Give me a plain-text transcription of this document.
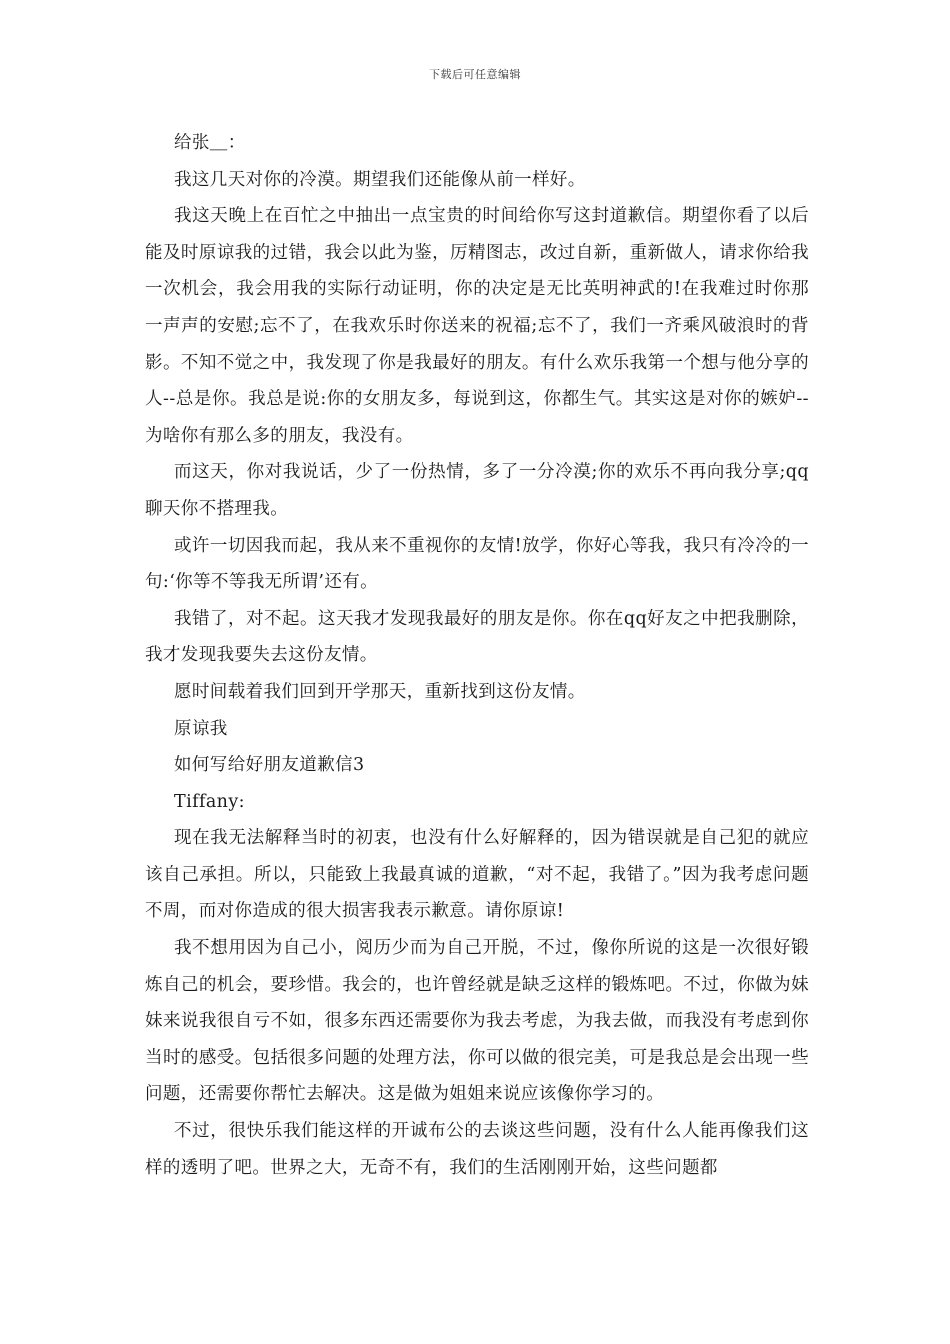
下载后可任意编辑

给张＿：

我这几天对你的冷漠。期望我们还能像从前一样好。

我这天晚上在百忙之中抽出一点宝贵的时间给你写这封道歉信。期望你看了以后能及时原谅我的过错，我会以此为鉴，厉精图志，改过自新，重新做人，请求你给我一次机会，我会用我的实际行动证明，你的决定是无比英明神武的!在我难过时你那一声声的安慰;忘不了，在我欢乐时你送来的祝福;忘不了，我们一齐乘风破浪时的背影。不知不觉之中，我发现了你是我最好的朋友。有什么欢乐我第一个想与他分享的人--总是你。我总是说:你的女朋友多，每说到这，你都生气。其实这是对你的嫉妒--为啥你有那么多的朋友，我没有。

而这天，你对我说话，少了一份热情，多了一分冷漠;你的欢乐不再向我分享;qq聊天你不搭理我。

或许一切因我而起，我从来不重视你的友情!放学，你好心等我，我只有冷冷的一句:‘你等不等我无所谓’还有。

我错了，对不起。这天我才发现我最好的朋友是你。你在qq好友之中把我删除，我才发现我要失去这份友情。

愿时间载着我们回到开学那天，重新找到这份友情。

原谅我

如何写给好朋友道歉信3

Tiffany:

现在我无法解释当时的初衷，也没有什么好解释的，因为错误就是自己犯的就应该自己承担。所以，只能致上我最真诚的道歉，“对不起，我错了。”因为我考虑问题不周，而对你造成的很大损害我表示歉意。请你原谅!

我不想用因为自己小，阅历少而为自己开脱，不过，像你所说的这是一次很好锻炼自己的机会，要珍惜。我会的，也许曾经就是缺乏这样的锻炼吧。不过，你做为妹妹来说我很自亏不如，很多东西还需要你为我去考虑，为我去做，而我没有考虑到你当时的感受。包括很多问题的处理方法，你可以做的很完美，可是我总是会出现一些问题，还需要你帮忙去解决。这是做为姐姐来说应该像你学习的。

不过，很快乐我们能这样的开诚布公的去谈这些问题，没有什么人能再像我们这样的透明了吧。世界之大，无奇不有，我们的生活刚刚开始，这些问题都
